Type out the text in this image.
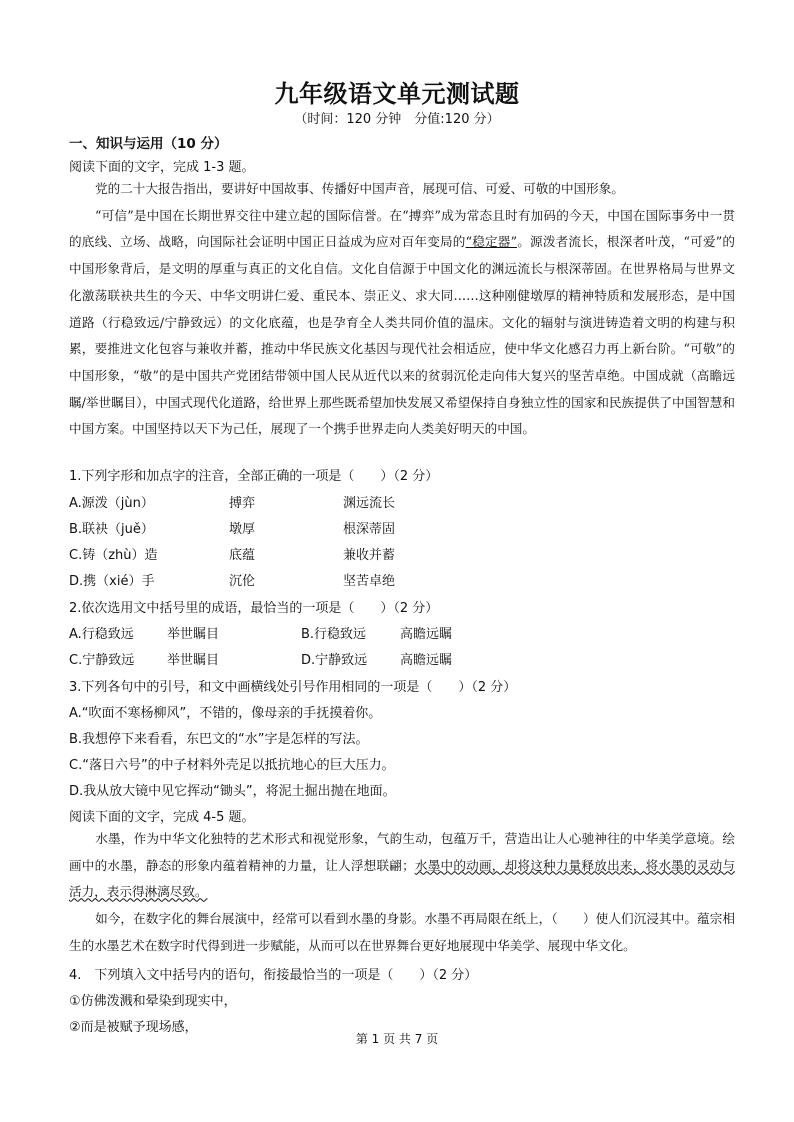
九年级语文单元测试题
（时间：120 分钟　分值:120 分）
一、知识与运用（10 分）
阅读下面的文字，完成 1-3 题。
党的二十大报告指出，要讲好中国故事、传播好中国声音，展现可信、可爱、可敬的中国形象。
“可信”是中国在长期世界交往中建立起的国际信誉。在“搏弈”成为常态且时有加码的今天，中国在国际事务中一贯的底线、立场、战略，向国际社会证明中国正日益成为应对百年变局的“稳定器”。源泼者流长，根深者叶茂，“可爱”的中国形象背后，是文明的厚重与真正的文化自信。文化自信源于中国文化的渊远流长与根深蒂固。在世界格局与世界文化激荡联袂共生的今天、中华文明讲仁爱、重民本、崇正义、求大同……这种刚健墩厚的精神特质和发展形态，是中国道路（行稳致远/宁静致远）的文化底蕴，也是孕育全人类共同价值的温床。文化的辐射与演进铸造着文明的构建与积累，要推进文化包容与兼收并蓄，推动中华民族文化基因与现代社会相适应，使中华文化感召力再上新台阶。“可敬”的中国形象，“敬”的是中国共产党团结带领中国人民从近代以来的贫弱沉伦走向伟大复兴的坚苦卓绝。中国成就（高瞻远瞩/举世瞩目），中国式现代化道路，给世界上那些既希望加快发展又希望保持自身独立性的国家和民族提供了中国智慧和中国方案。中国坚持以天下为己任，展现了一个携手世界走向人类美好明天的中国。
1.下列字形和加点字的注音，全部正确的一项是（　　）（2 分）
A.源泼（jùn）	搏弈	渊远流长
B.联袂（juě）	墩厚	根深蒂固
C.铸（zhù）造	底蕴	兼收并蓄
D.携（xié）手	沉伦	坚苦卓绝
2.依次选用文中括号里的成语，最恰当的一项是（　　）（2 分）
A.行稳致远	举世瞩目	B.行稳致远	高瞻远瞩
C.宁静致远	举世瞩目	D.宁静致远	高瞻远瞩
3.下列各句中的引号，和文中画横线处引号作用相同的一项是（　　）（2 分）
A.“吹面不寒杨柳风”，不错的，像母亲的手抚摸着你。
B.我想停下来看看，东巴文的“水”字是怎样的写法。
C.“落日六号”的中子材料外壳足以抵抗地心的巨大压力。
D.我从放大镜中见它挥动“锄头”，将泥土掘出抛在地面。
阅读下面的文字，完成 4-5 题。
水墨，作为中华文化独特的艺术形式和视觉形象，气韵生动，包蕴万千，营造出让人心驰神往的中华美学意境。绘画中的水墨，静态的形象内蕴着精神的力量，让人浮想联翩；水墨中的动画，却将这种力量释放出来，将水墨的灵动与活力，表示得淋漓尽致。
如今，在数字化的舞台展演中，经常可以看到水墨的身影。水墨不再局限在纸上，（　　）使人们沉浸其中。蕴宗相生的水墨艺术在数字时代得到进一步赋能，从而可以在世界舞台更好地展现中华美学、展现中华文化。
4.　下列填入文中括号内的语句，衔接最恰当的一项是（　　）（2 分）
①仿佛泼溅和晕染到现实中，
②而是被赋予现场感，
第 1 页 共 7 页
